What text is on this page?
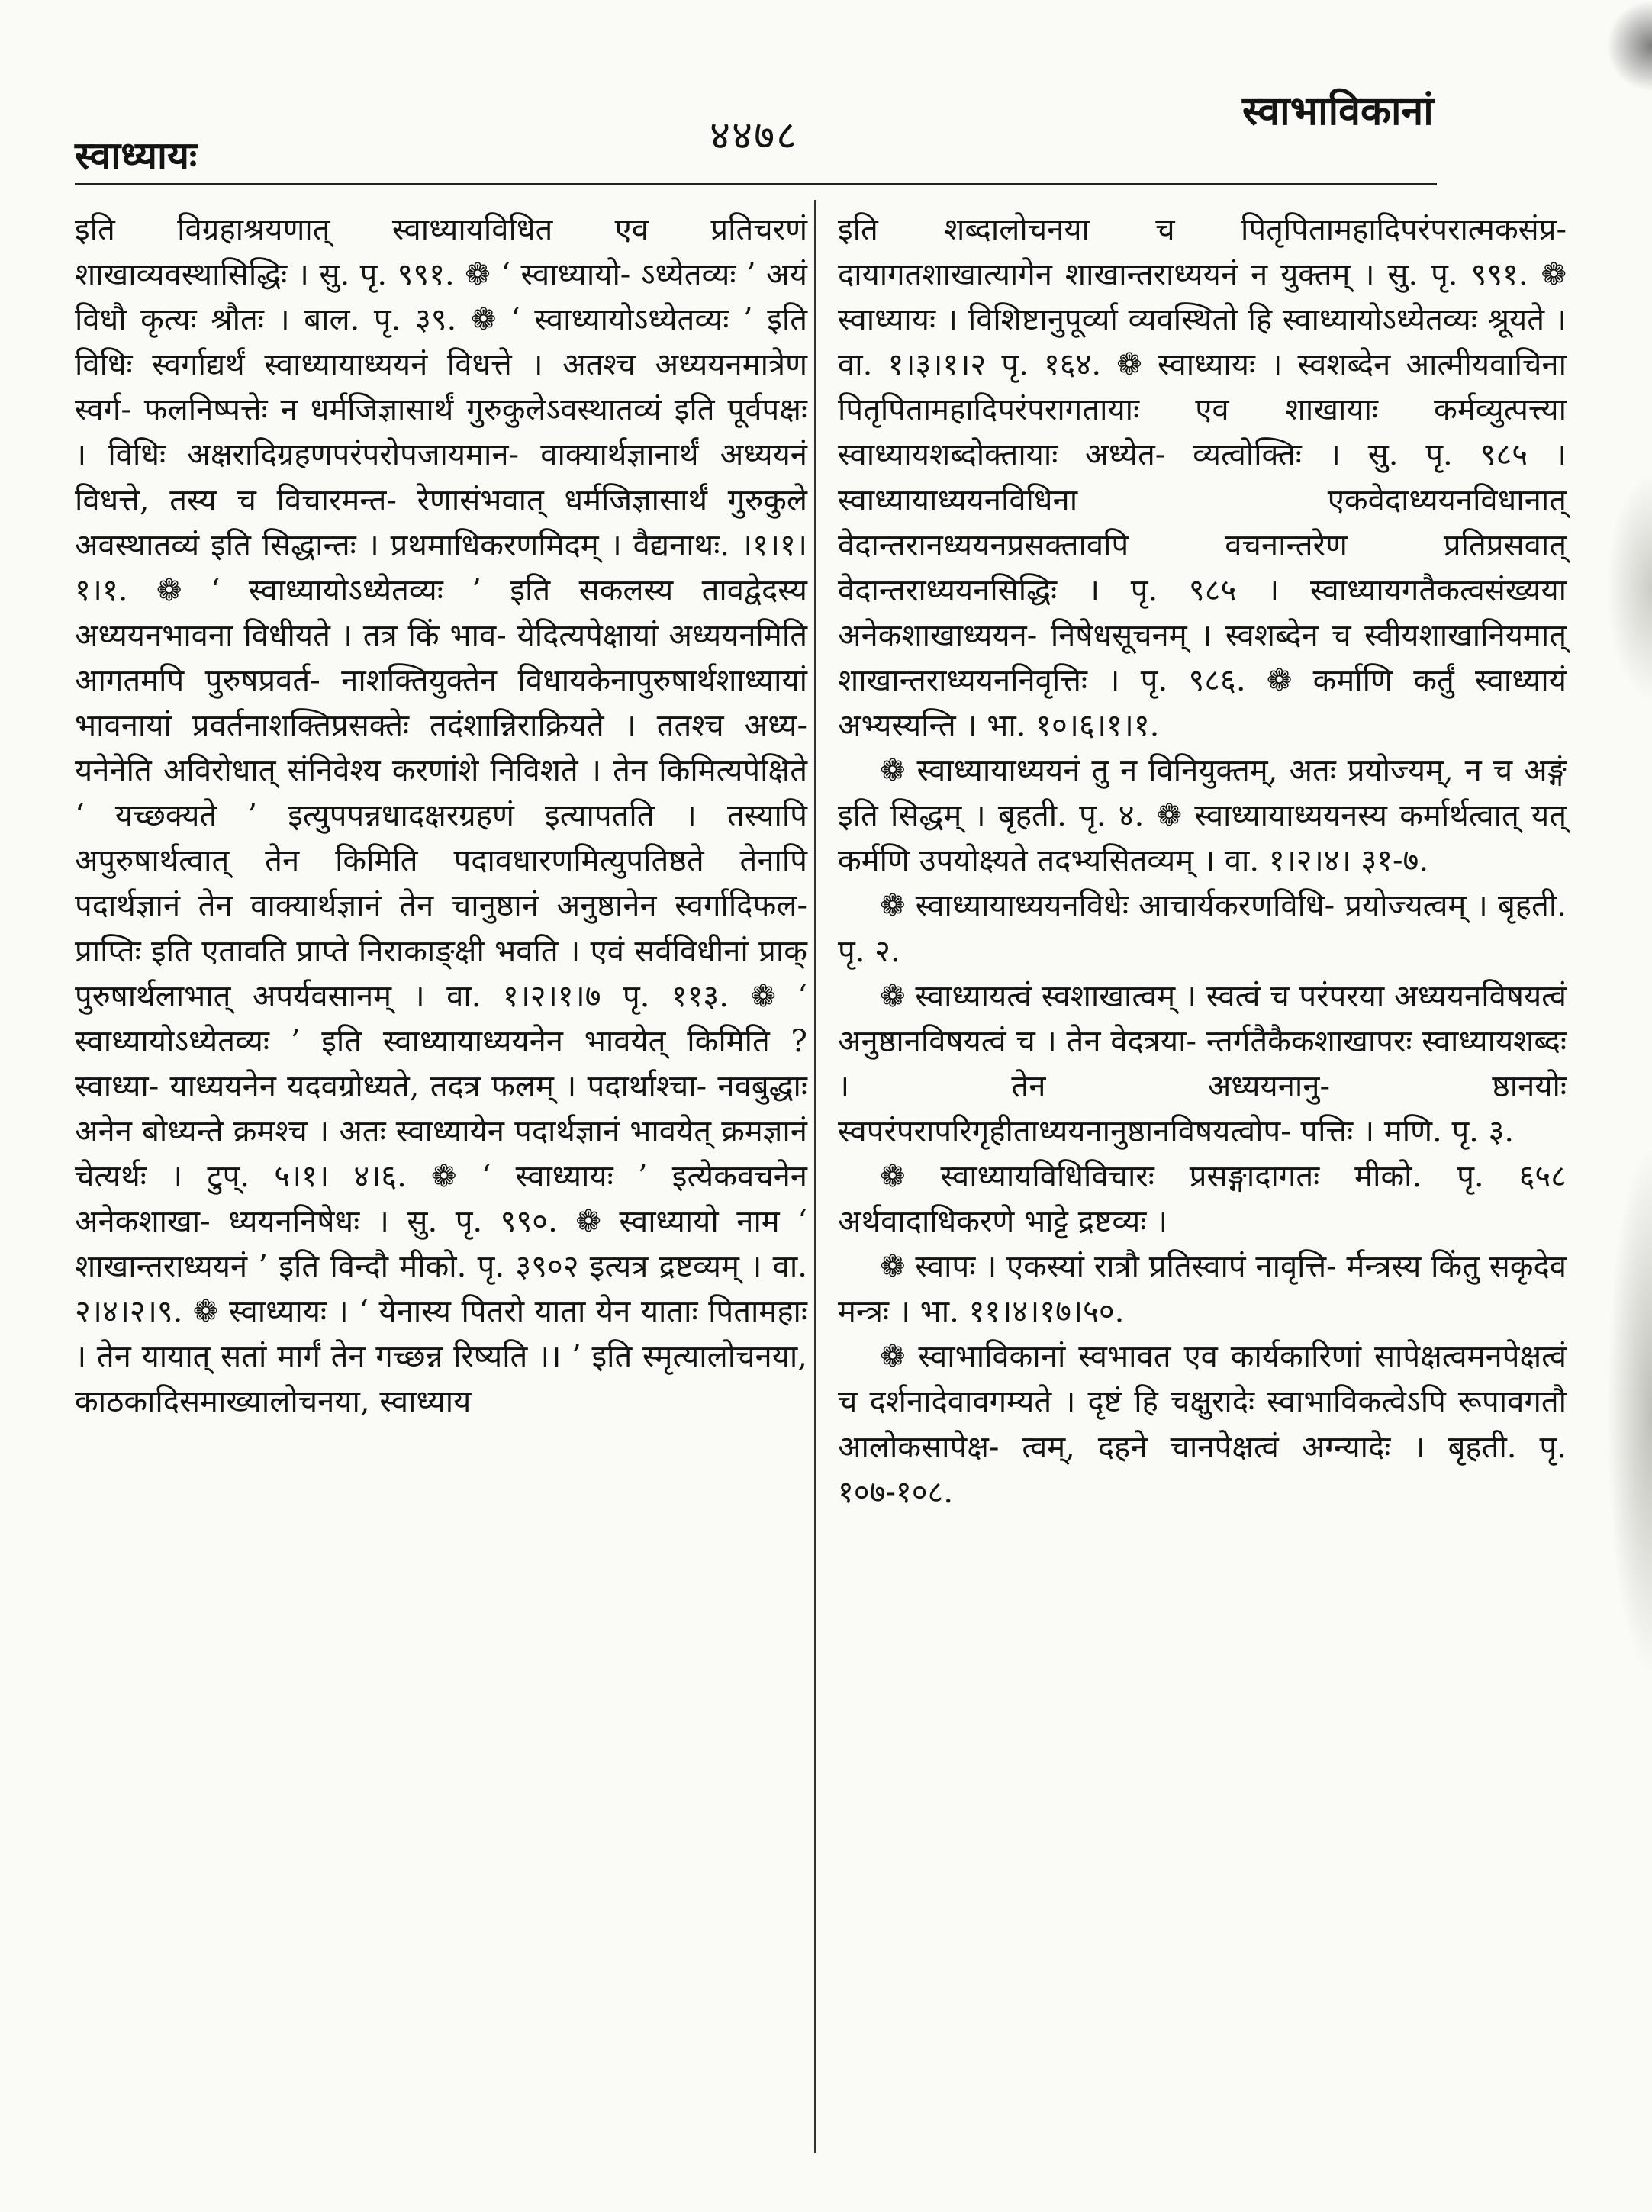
स्वाध्यायः	४४७८
स्वाभाविकानां

इति विग्रहाश्रयणात् स्वाध्यायविधित एव प्रतिचरणं शाखाव्यवस्थासिद्धिः । सु. पृ. ९९१. ❁ ‘ स्वाध्यायो- ऽध्येतव्यः ’ अयं विधौ कृत्यः श्रौतः । बाल. पृ. ३९. ❁ ‘ स्वाध्यायोऽध्येतव्यः ’ इति विधिः स्वर्गाद्यर्थं स्वाध्यायाध्ययनं विधत्ते । अतश्च अध्ययनमात्रेण स्वर्ग- फलनिष्पत्तेः न धर्मजिज्ञासार्थं गुरुकुलेऽवस्थातव्यं इति पूर्वपक्षः । विधिः अक्षरादिग्रहणपरंपरोपजायमान- वाक्यार्थज्ञानार्थं अध्ययनं विधत्ते, तस्य च विचारमन्त- रेणासंभवात् धर्मजिज्ञासार्थं गुरुकुले अवस्थातव्यं इति सिद्धान्तः । प्रथमाधिकरणमिदम् । वैद्यनाथः. ।१।१। १।१. ❁ ‘ स्वाध्यायोऽध्येतव्यः ’ इति सकलस्य तावद्वेदस्य अध्ययनभावना विधीयते । तत्र किं भाव- येदित्यपेक्षायां अध्ययनमिति आगतमपि पुरुषप्रवर्त- नाशक्तियुक्तेन विधायकेनापुरुषार्थशाध्यायां भावनायां प्रवर्तनाशक्तिप्रसक्तेः तदंशान्निराक्रियते । ततश्च अध्य- यनेनेति अविरोधात् संनिवेश्य करणांशे निविशते । तेन किमित्यपेक्षिते ‘ यच्छक्यते ’ इत्युपपन्नधादक्षरग्रहणं इत्यापतति । तस्यापि अपुरुषार्थत्वात् तेन किमिति पदावधारणमित्युपतिष्ठते तेनापि पदार्थज्ञानं तेन वाक्यार्थज्ञानं तेन चानुष्ठानं अनुष्ठानेन स्वर्गादिफल- प्राप्तिः इति एतावति प्राप्ते निराकाङ्क्षी भवति । एवं सर्वविधीनां प्राक् पुरुषार्थलाभात् अपर्यवसानम् । वा. १।२।१।७ पृ. ११३. ❁ ‘ स्वाध्यायोऽध्येतव्यः ’ इति स्वाध्यायाध्ययनेन भावयेत् किमिति ? स्वाध्या- याध्ययनेन यदवग्रोध्यते, तदत्र फलम् । पदार्थाश्चा- नवबुद्धाः अनेन बोध्यन्ते क्रमश्च । अतः स्वाध्यायेन पदार्थज्ञानं भावयेत् क्रमज्ञानं चेत्यर्थः । टुप्. ५।१। ४।६. ❁ ‘ स्वाध्यायः ’ इत्येकवचनेन अनेकशाखा- ध्ययननिषेधः । सु. पृ. ९९०. ❁ स्वाध्यायो नाम ‘ शाखान्तराध्ययनं ’ इति विन्दौ मीको. पृ. ३९०२ इत्यत्र द्रष्टव्यम् । वा. २।४।२।९. ❁ स्वाध्यायः । ‘ येनास्य पितरो याता येन याताः पितामहाः । तेन यायात् सतां मार्गं तेन गच्छन्न रिष्यति ।। ’ इति स्मृत्यालोचनया, काठकादिसमाख्यालोचनया, स्वाध्याय

इति शब्दालोचनया च पितृपितामहादिपरंपरात्मकसंप्र- दायागतशाखात्यागेन शाखान्तराध्ययनं न युक्तम् । सु. पृ. ९९१. ❁ स्वाध्यायः । विशिष्टानुपूर्व्या व्यवस्थितो हि स्वाध्यायोऽध्येतव्यः श्रूयते । वा. १।३।१।२ पृ. १६४. ❁ स्वाध्यायः । स्वशब्देन आत्मीयवाचिना पितृपितामहादिपरंपरागतायाः एव शाखायाः कर्मव्युत्पत्त्या स्वाध्यायशब्दोक्तायाः अध्येत- व्यत्वोक्तिः । सु. पृ. ९८५ । स्वाध्यायाध्ययनविधिना एकवेदाध्ययनविधानात् वेदान्तरानध्ययनप्रसक्तावपि वचनान्तरेण प्रतिप्रसवात् वेदान्तराध्ययनसिद्धिः । पृ. ९८५ । स्वाध्यायगतैकत्वसंख्यया अनेकशाखाध्ययन- निषेधसूचनम् । स्वशब्देन च स्वीयशाखानियमात् शाखान्तराध्ययननिवृत्तिः । पृ. ९८६. ❁ कर्माणि कर्तुं स्वाध्यायं अभ्यस्यन्ति । भा. १०।६।१।१.

❁ स्वाध्यायाध्ययनं तु न विनियुक्तम्, अतः प्रयोज्यम्, न च अङ्गं इति सिद्धम् । बृहती. पृ. ४. ❁ स्वाध्यायाध्ययनस्य कर्मार्थत्वात् यत् कर्मणि उपयोक्ष्यते तदभ्यसितव्यम् । वा. १।२।४। ३१-७.

❁ स्वाध्यायाध्ययनविधेः आचार्यकरणविधि- प्रयोज्यत्वम् । बृहती. पृ. २.

❁ स्वाध्यायत्वं स्वशाखात्वम् । स्वत्वं च परंपरया अध्ययनविषयत्वं अनुष्ठानविषयत्वं च । तेन वेदत्रया- न्तर्गतैकैकशाखापरः स्वाध्यायशब्दः । तेन अध्ययनानु- ष्ठानयोः स्वपरंपरापरिगृहीताध्ययनानुष्ठानविषयत्वोप- पत्तिः । मणि. पृ. ३.

❁ स्वाध्यायविधिविचारः प्रसङ्गादागतः मीको. पृ. ६५८ अर्थवादाधिकरणे भाट्टे द्रष्टव्यः ।

❁ स्वापः । एकस्यां रात्रौ प्रतिस्वापं नावृत्ति- र्मन्त्रस्य किंतु सकृदेव मन्त्रः । भा. ११।४।१७।५०.

❁ स्वाभाविकानां स्वभावत एव कार्यकारिणां सापेक्षत्वमनपेक्षत्वं च दर्शनादेवावगम्यते । दृष्टं हि चक्षुरादेः स्वाभाविकत्वेऽपि रूपावगतौ आलोकसापेक्ष- त्वम्, दहने चानपेक्षत्वं अग्न्यादेः । बृहती. पृ. १०७-१०८.
